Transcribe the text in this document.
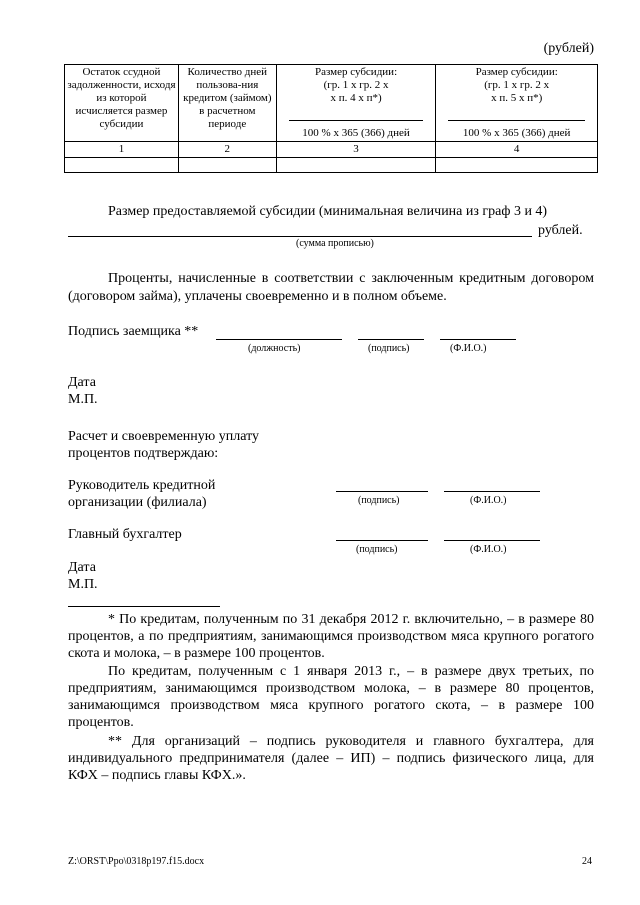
(рублей)
Остаток ссудной задолженности, исходя из которой исчисляется размер субсидии	Количество дней пользова-ния кредитом (займом) в расчетном периоде	Размер субсидии:
(гр. 1 х гр. 2 х
х п. 4 х п*)
100 % х 365 (366) дней	Размер субсидии:
(гр. 1 х гр. 2 х
х п. 5 х п*)
100 % х 365 (366) дней

1	2	3	4

Размер предоставляемой субсидии (минимальная величина из граф 3 и 4)
рублей.
(сумма прописью)
Проценты, начисленные в соответствии с заключенным кредитным договором (договором займа), уплачены своевременно и в полном объеме.
Подпись заемщика **
(должность)	(подпись)	(Ф.И.О.)
Дата
М.П.
Расчет и своевременную уплату
процентов подтверждаю:
Руководитель кредитной
организации (филиала)	(подпись)	(Ф.И.О.)
Главный бухгалтер
(подпись)	(Ф.И.О.)
Дата
М.П.
* По кредитам, полученным по 31 декабря 2012 г. включительно, – в размере 80 процентов, а по предприятиям, занимающимся производством мяса крупного рогатого скота и молока, – в размере 100 процентов.
По кредитам, полученным с 1 января 2013 г., – в размере двух третьих, по предприятиям, занимающимся производством молока, – в размере 80 процентов, занимающимся производством мяса крупного рогатого скота, – в размере 100 процентов.
** Для организаций – подпись руководителя и главного бухгалтера, для индивидуального предпринимателя (далее – ИП) – подпись физического лица, для КФХ – подпись главы КФХ.».
Z:\ORST\Ppo\0318p197.f15.docx	24
